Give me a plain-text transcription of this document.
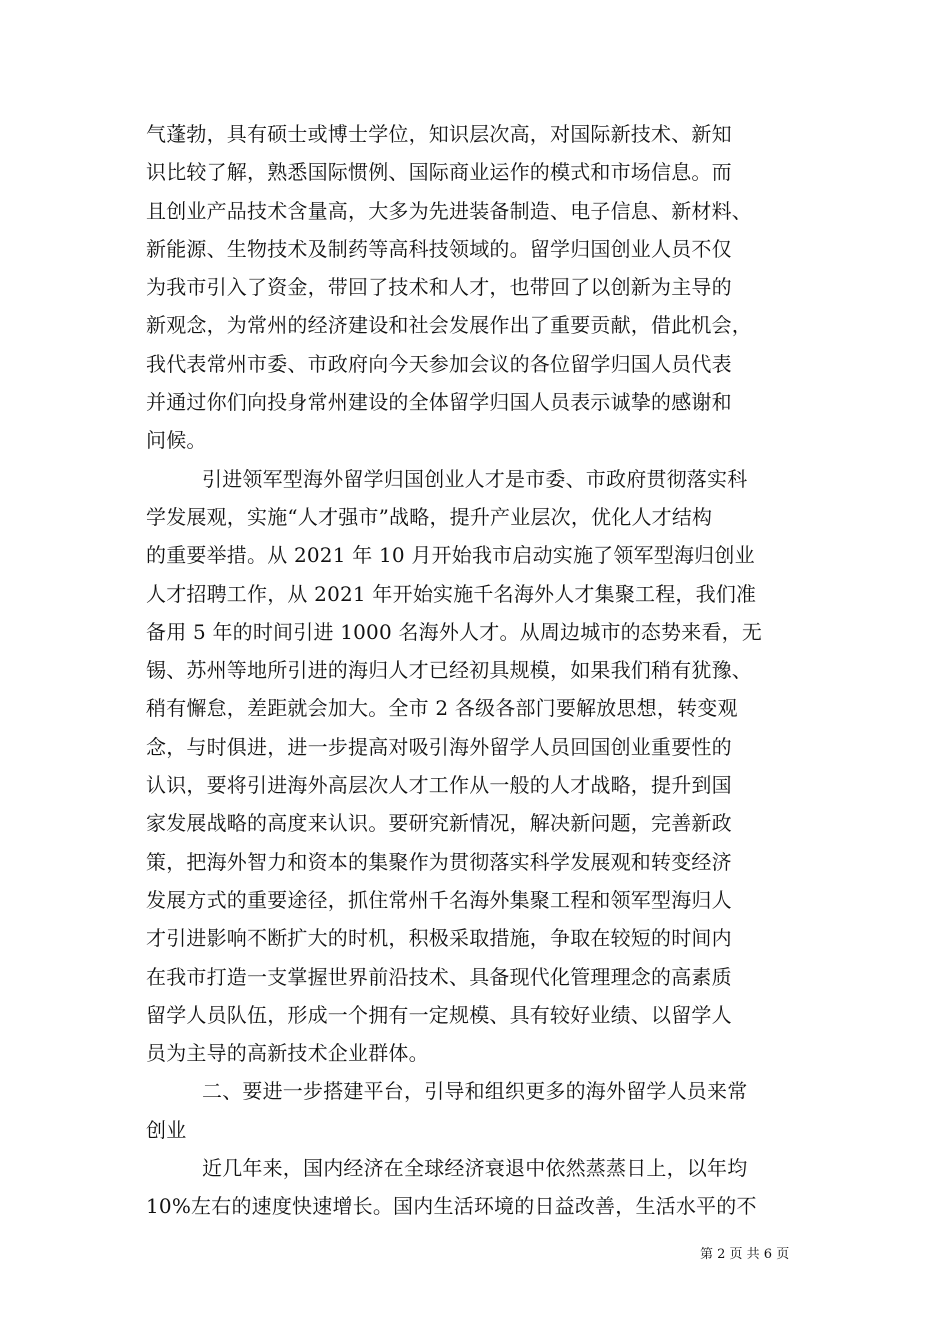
气蓬勃，具有硕士或博士学位，知识层次高，对国际新技术、新知
识比较了解，熟悉国际惯例、国际商业运作的模式和市场信息。而
且创业产品技术含量高，大多为先进装备制造、电子信息、新材料、
新能源、生物技术及制药等高科技领域的。留学归国创业人员不仅
为我市引入了资金，带回了技术和人才，也带回了以创新为主导的
新观念，为常州的经济建设和社会发展作出了重要贡献，借此机会，
我代表常州市委、市政府向今天参加会议的各位留学归国人员代表
并通过你们向投身常州建设的全体留学归国人员表示诚挚的感谢和
问候。
引进领军型海外留学归国创业人才是市委、市政府贯彻落实科
学发展观，实施“人才强市”战略，提升产业层次，优化人才结构
的重要举措。从 2021 年 10 月开始我市启动实施了领军型海归创业
人才招聘工作，从 2021 年开始实施千名海外人才集聚工程，我们准
备用 5 年的时间引进 1000 名海外人才。从周边城市的态势来看，无
锡、苏州等地所引进的海归人才已经初具规模，如果我们稍有犹豫、
稍有懈怠，差距就会加大。全市 2 各级各部门要解放思想，转变观
念，与时俱进，进一步提高对吸引海外留学人员回国创业重要性的
认识，要将引进海外高层次人才工作从一般的人才战略，提升到国
家发展战略的高度来认识。要研究新情况，解决新问题，完善新政
策，把海外智力和资本的集聚作为贯彻落实科学发展观和转变经济
发展方式的重要途径，抓住常州千名海外集聚工程和领军型海归人
才引进影响不断扩大的时机，积极采取措施，争取在较短的时间内
在我市打造一支掌握世界前沿技术、具备现代化管理理念的高素质
留学人员队伍，形成一个拥有一定规模、具有较好业绩、以留学人
员为主导的高新技术企业群体。
二、要进一步搭建平台，引导和组织更多的海外留学人员来常
创业
近几年来，国内经济在全球经济衰退中依然蒸蒸日上，以年均
10%左右的速度快速增长。国内生活环境的日益改善，生活水平的不
第 2 页 共 6 页
